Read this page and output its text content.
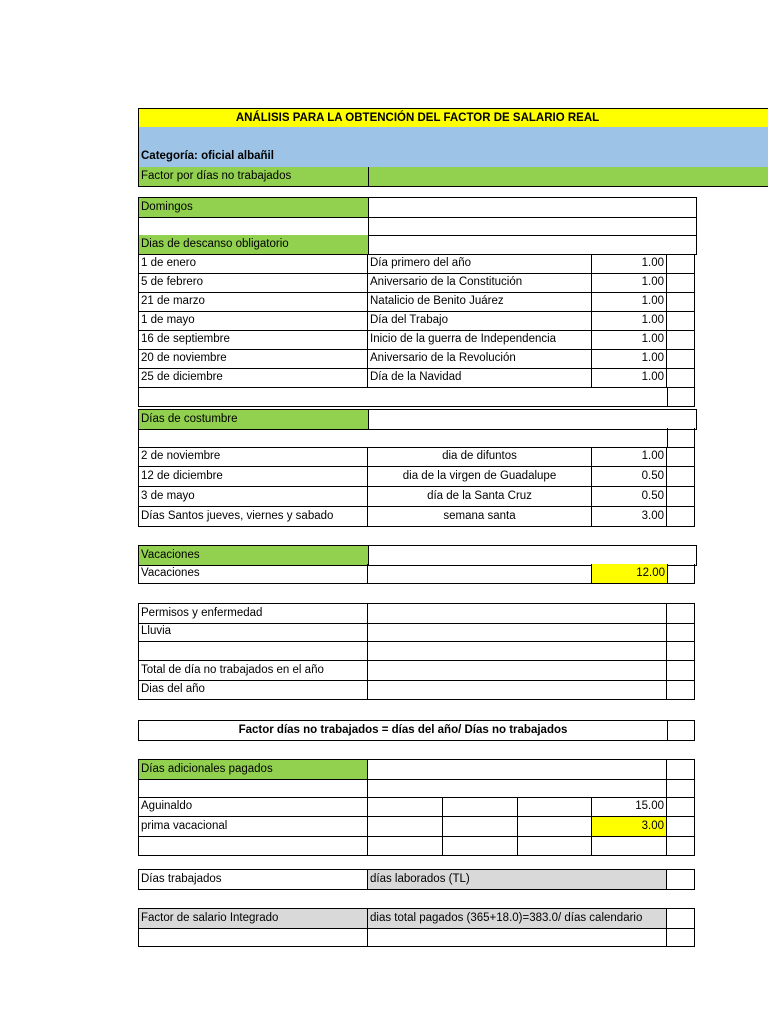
ANÁLISIS PARA LA OBTENCIÓN DEL FACTOR DE SALARIO REAL
Categoría: oficial albañil
Factor por días no trabajados
Domingos
Dias de descanso obligatorio
1 de enero	Día primero del año	1.00
5 de febrero	Aniversario de la Constitución	1.00
21 de marzo	Natalicio de Benito Juárez	1.00
1 de mayo	Día del Trabajo	1.00
16 de septiembre	Inicio de la guerra de Independencia	1.00
20 de noviembre	Aniversario de la Revolución	1.00
25 de diciembre	Día de la Navidad	1.00
Días de costumbre
2 de noviembre	dia de difuntos	1.00
12 de diciembre	dia de la virgen de Guadalupe	0.50
3 de mayo	día de la Santa Cruz	0.50
Días Santos jueves, viernes y sabado	semana santa	3.00
Vacaciones
Vacaciones	12.00
Permisos y enfermedad
Lluvia
Total de día no trabajados en el año
Dias del año
Factor días no trabajados = días del año/ Días no trabajados
Días adicionales pagados
Aguinaldo	15.00
prima vacacional	3.00
Días trabajados	días laborados (TL)
Factor de salario Integrado	dias total pagados (365+18.0)=383.0/ días calendario
